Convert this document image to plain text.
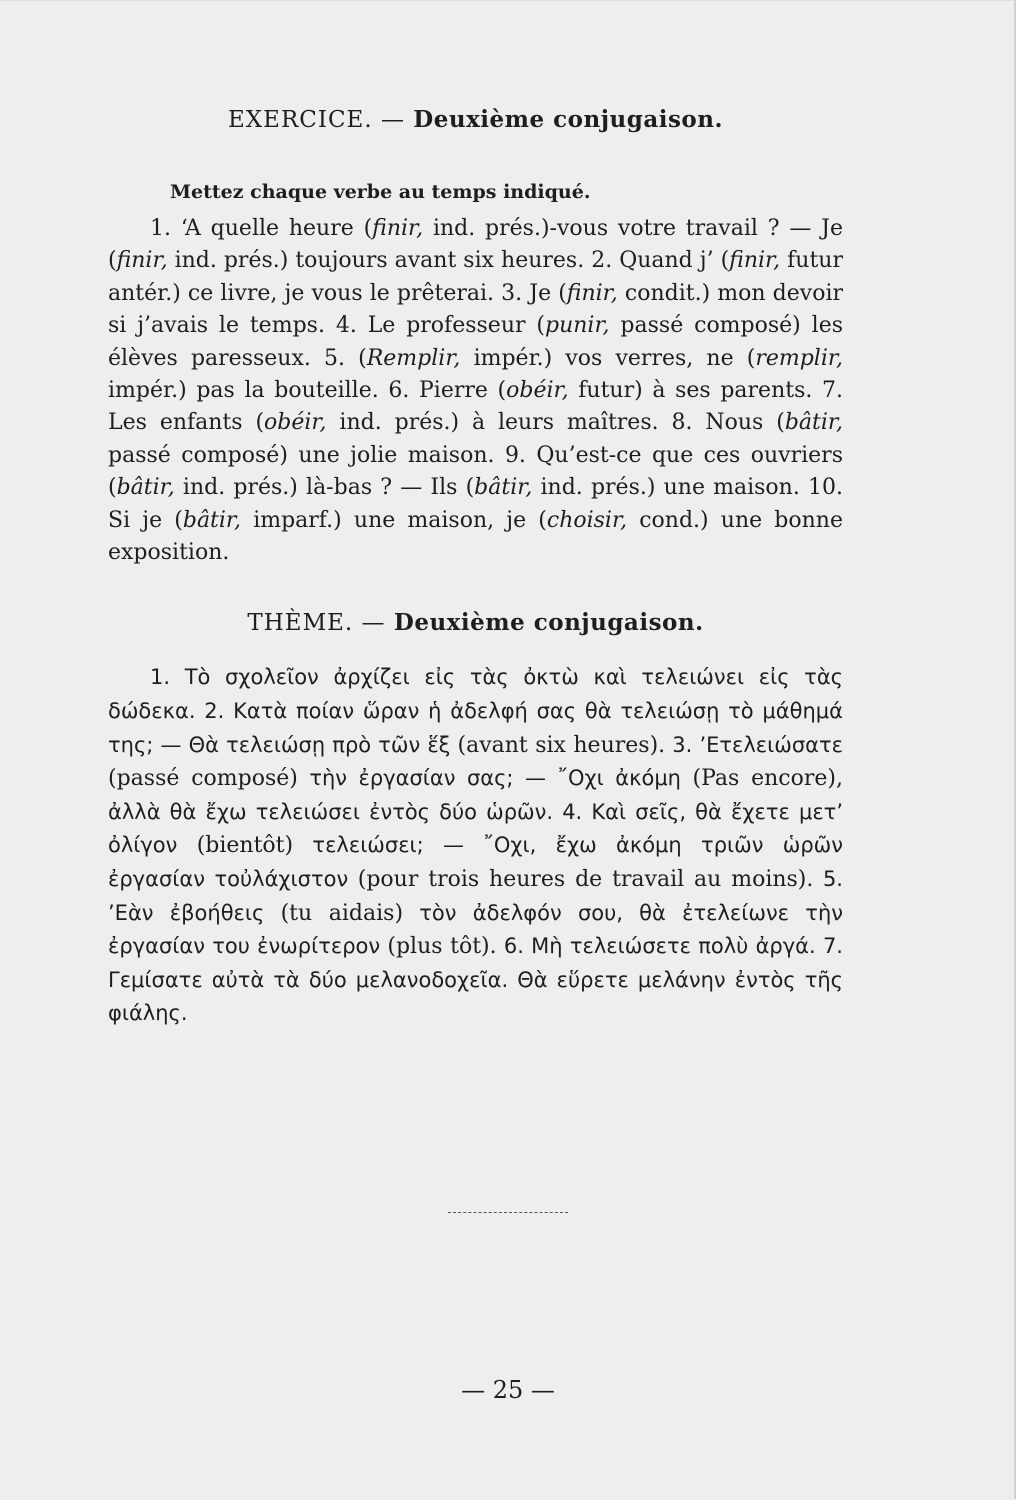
EXERCICE. — Deuxième conjugaison.
Mettez chaque verbe au temps indiqué.

1. ‘A quelle heure (finir, ind. prés.)-vous votre travail ? — Je (finir, ind. prés.) toujours avant six heures. 2. Quand j’ (finir, futur antér.) ce livre, je vous le prêterai. 3. Je (finir, condit.) mon devoir si j’avais le temps. 4. Le professeur (punir, passé composé) les élèves paresseux. 5. (Remplir, impér.) vos verres, ne (remplir, impér.) pas la bouteille. 6. Pierre (obéir, futur) à ses parents. 7. Les enfants (obéir, ind. prés.) à leurs maîtres. 8. Nous (bâtir, passé composé) une jolie maison. 9. Qu’est-ce que ces ouvriers (bâtir, ind. prés.) là-bas ? — Ils (bâtir, ind. prés.) une maison. 10. Si je (bâtir, imparf.) une maison, je (choisir, cond.) une bonne exposition.

THÈME. — Deuxième conjugaison.

1. Τὸ σχολεῖον ἀρχίζει εἰς τὰς ὀκτὼ καὶ τελειώνει εἰς τὰς δώδεκα. 2. Κατὰ ποίαν ὥραν ἡ ἀδελφή σας θὰ τελειώσῃ τὸ μάθημά της; — Θὰ τελειώσῃ πρὸ τῶν ἕξ (avant six heures). 3. ’Ετελειώσατε (passé composé) τὴν ἐργασίαν σας; — ῎Οχι ἀκόμη (Pas encore), ἀλλὰ θὰ ἔχω τελειώσει ἐντὸς δύο ὡρῶν. 4. Καὶ σεῖς, θὰ ἔχετε μετ’ ὀλίγον (bientôt) τελειώσει; — ῎Οχι, ἔχω ἀκόμη τριῶν ὡρῶν ἐργασίαν τοὐλάχιστον (pour trois heures de travail au moins). 5. ’Εὰν ἐβοήθεις (tu aidais) τὸν ἀδελφόν σου, θὰ ἐτελείωνε τὴν ἐργασίαν του ἐνωρίτερον (plus tôt). 6. Μὴ τελειώσετε πολὺ ἀργά. 7. Γεμίσατε αὐτὰ τὰ δύο μελανοδοχεῖα. Θὰ εὕρετε μελάνην ἐντὸς τῆς φιάλης.

— 25 —
